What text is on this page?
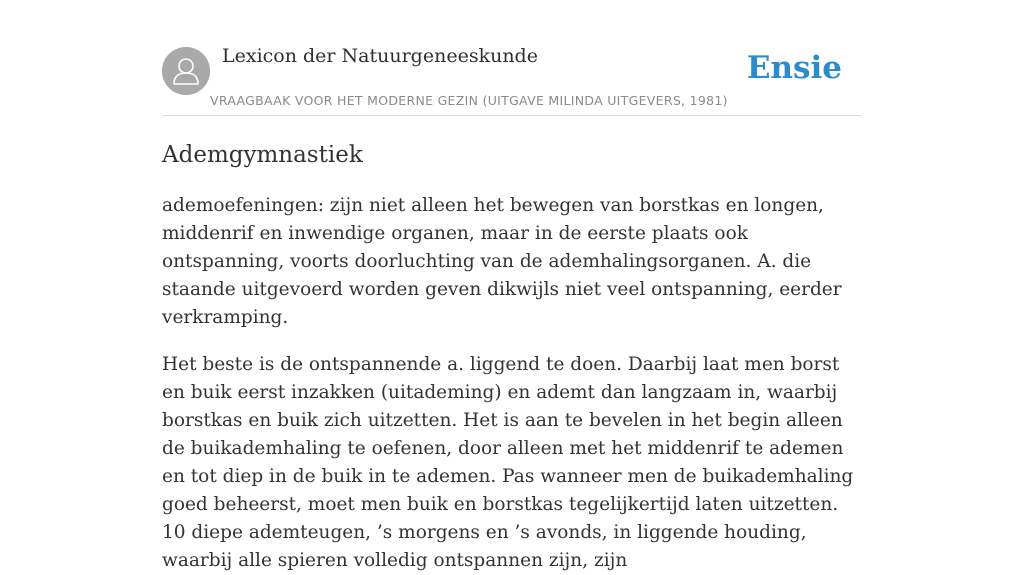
Lexicon der Natuurgeneeskunde
VRAAGBAAK VOOR HET MODERNE GEZIN (UITGAVE MILINDA UITGEVERS, 1981)
Ensie
Ademgymnastiek

ademoefeningen: zijn niet alleen het bewegen van borstkas en longen, middenrif en inwendige organen, maar in de eerste plaats ook ontspanning, voorts doorluchting van de ademhalingsorganen. A. die staande uitgevoerd worden geven dikwijls niet veel ontspanning, eerder verkramping.

Het beste is de ontspannende a. liggend te doen. Daarbij laat men borst en buik eerst inzakken (uitademing) en ademt dan langzaam in, waarbij borstkas en buik zich uitzetten. Het is aan te bevelen in het begin alleen de buikademhaling te oefenen, door alleen met het middenrif te ademen en tot diep in de buik in te ademen. Pas wanneer men de buikademhaling goed beheerst, moet men buik en borstkas tegelijkertijd laten uitzetten. 10 diepe ademteugen, ’s morgens en ’s avonds, in liggende houding, waarbij alle spieren volledig ontspannen zijn, zijn
